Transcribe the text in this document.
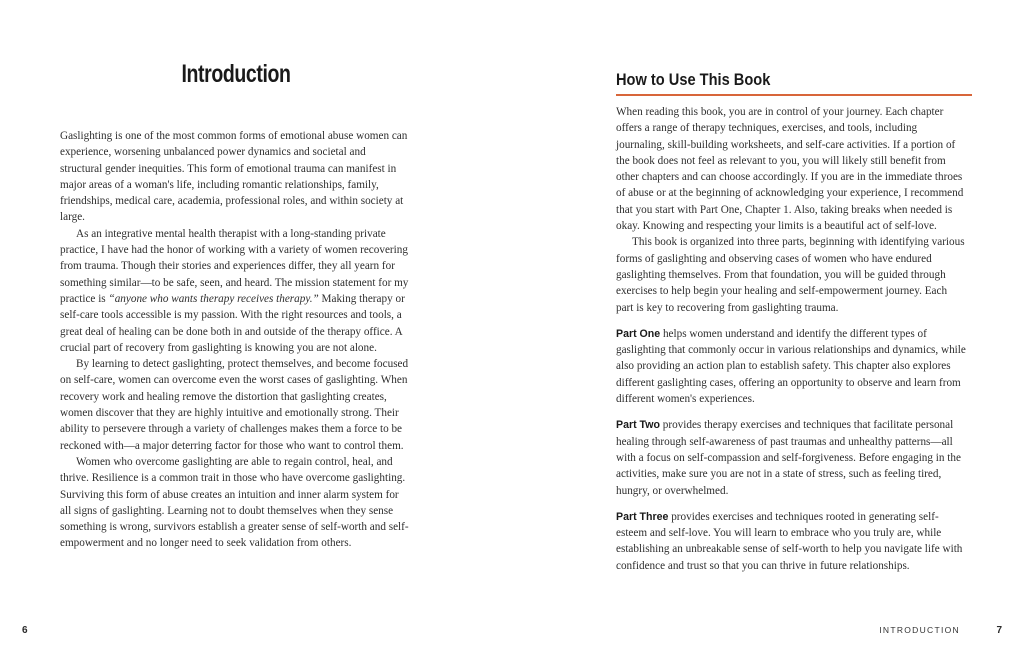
Introduction

Gaslighting is one of the most common forms of emotional abuse women can experience, worsening unbalanced power dynamics and societal and structural gender inequities. This form of emotional trauma can manifest in major areas of a woman's life, including romantic relationships, family, friendships, medical care, academia, professional roles, and within society at large.

As an integrative mental health therapist with a long-standing private practice, I have had the honor of working with a variety of women recovering from trauma. Though their stories and experiences differ, they all yearn for something similar—to be safe, seen, and heard. The mission statement for my practice is “anyone who wants therapy receives therapy.” Making therapy or self-care tools accessible is my passion. With the right resources and tools, a great deal of healing can be done both in and outside of the therapy office. A crucial part of recovery from gaslighting is knowing you are not alone.

By learning to detect gaslighting, protect themselves, and become focused on self-care, women can overcome even the worst cases of gaslighting. When recovery work and healing remove the distortion that gaslighting creates, women discover that they are highly intuitive and emotionally strong. Their ability to persevere through a variety of challenges makes them a force to be reckoned with—a major deterring factor for those who want to control them.

Women who overcome gaslighting are able to regain control, heal, and thrive. Resilience is a common trait in those who have overcome gaslighting. Surviving this form of abuse creates an intuition and inner alarm system for all signs of gaslighting. Learning not to doubt themselves when they sense something is wrong, survivors establish a greater sense of self-worth and self-empowerment and no longer need to seek validation from others.

6
How to Use This Book

When reading this book, you are in control of your journey. Each chapter offers a range of therapy techniques, exercises, and tools, including journaling, skill-building worksheets, and self-care activities. If a portion of the book does not feel as relevant to you, you will likely still benefit from other chapters and can choose accordingly. If you are in the immediate throes of abuse or at the beginning of acknowledging your experience, I recommend that you start with Part One, Chapter 1. Also, taking breaks when needed is okay. Knowing and respecting your limits is a beautiful act of self-love.

This book is organized into three parts, beginning with identifying various forms of gaslighting and observing cases of women who have endured gaslighting themselves. From that foundation, you will be guided through exercises to help begin your healing and self-empowerment journey. Each part is key to recovering from gaslighting trauma.

Part One helps women understand and identify the different types of gaslighting that commonly occur in various relationships and dynamics, while also providing an action plan to establish safety. This chapter also explores different gaslighting cases, offering an opportunity to observe and learn from different women's experiences.

Part Two provides therapy exercises and techniques that facilitate personal healing through self-awareness of past traumas and unhealthy patterns—all with a focus on self-compassion and self-forgiveness. Before engaging in the activities, make sure you are not in a state of stress, such as feeling tired, hungry, or overwhelmed.

Part Three provides exercises and techniques rooted in generating self-esteem and self-love. You will learn to embrace who you truly are, while establishing an unbreakable sense of self-worth to help you navigate life with confidence and trust so that you can thrive in future relationships.

INTRODUCTION	7
